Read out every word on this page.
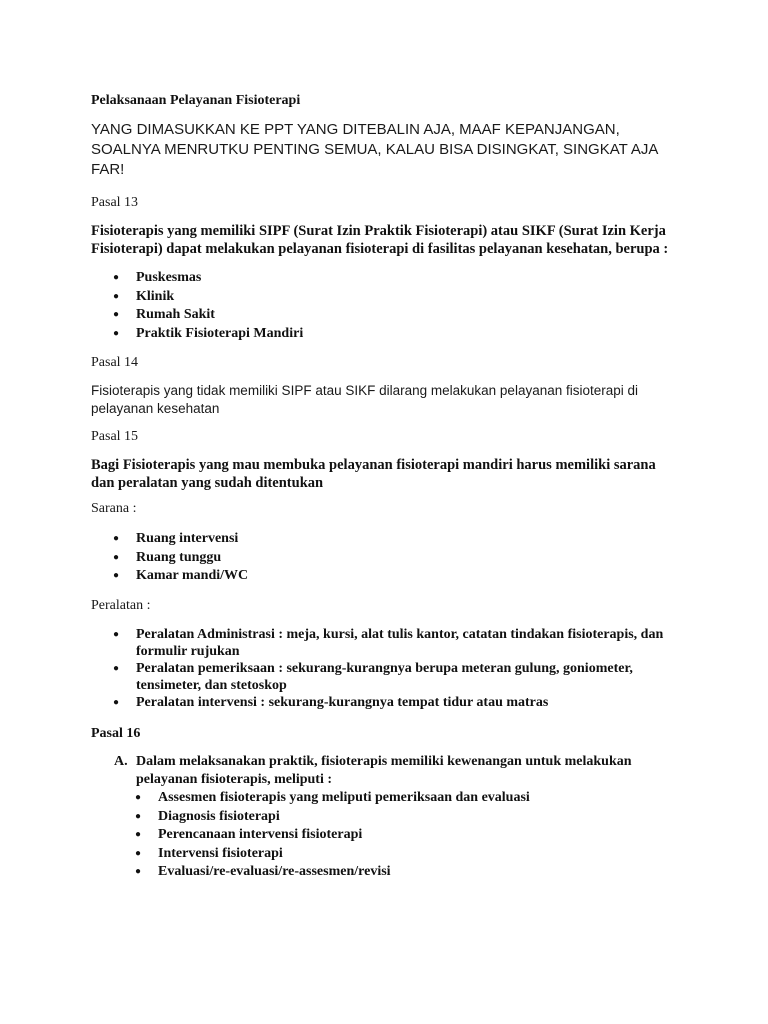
Pelaksanaan Pelayanan Fisioterapi

YANG DIMASUKKAN KE PPT YANG DITEBALIN AJA, MAAF KEPANJANGAN, SOALNYA MENRUTKU PENTING SEMUA, KALAU BISA DISINGKAT, SINGKAT AJA FAR!

Pasal 13

Fisioterapis yang memiliki SIPF (Surat Izin Praktik Fisioterapi) atau SIKF (Surat Izin Kerja Fisioterapi) dapat melakukan pelayanan fisioterapi di fasilitas pelayanan kesehatan, berupa :

● Puskesmas
● Klinik
● Rumah Sakit
● Praktik Fisioterapi Mandiri

Pasal 14

Fisioterapis yang tidak memiliki SIPF atau SIKF dilarang melakukan pelayanan fisioterapi di pelayanan kesehatan

Pasal 15

Bagi Fisioterapis yang mau membuka pelayanan fisioterapi mandiri harus memiliki sarana dan peralatan yang sudah ditentukan

Sarana :

● Ruang intervensi
● Ruang tunggu
● Kamar mandi/WC

Peralatan :

● Peralatan Administrasi : meja, kursi, alat tulis kantor, catatan tindakan fisioterapis, dan formulir rujukan
● Peralatan pemeriksaan : sekurang-kurangnya berupa meteran gulung, goniometer, tensimeter, dan stetoskop
● Peralatan intervensi : sekurang-kurangnya tempat tidur atau matras

Pasal 16

A. Dalam melaksanakan praktik, fisioterapis memiliki kewenangan untuk melakukan pelayanan fisioterapis, meliputi :
● Assesmen fisioterapis yang meliputi pemeriksaan dan evaluasi
● Diagnosis fisioterapi
● Perencanaan intervensi fisioterapi
● Intervensi fisioterapi
● Evaluasi/re-evaluasi/re-assesmen/revisi
